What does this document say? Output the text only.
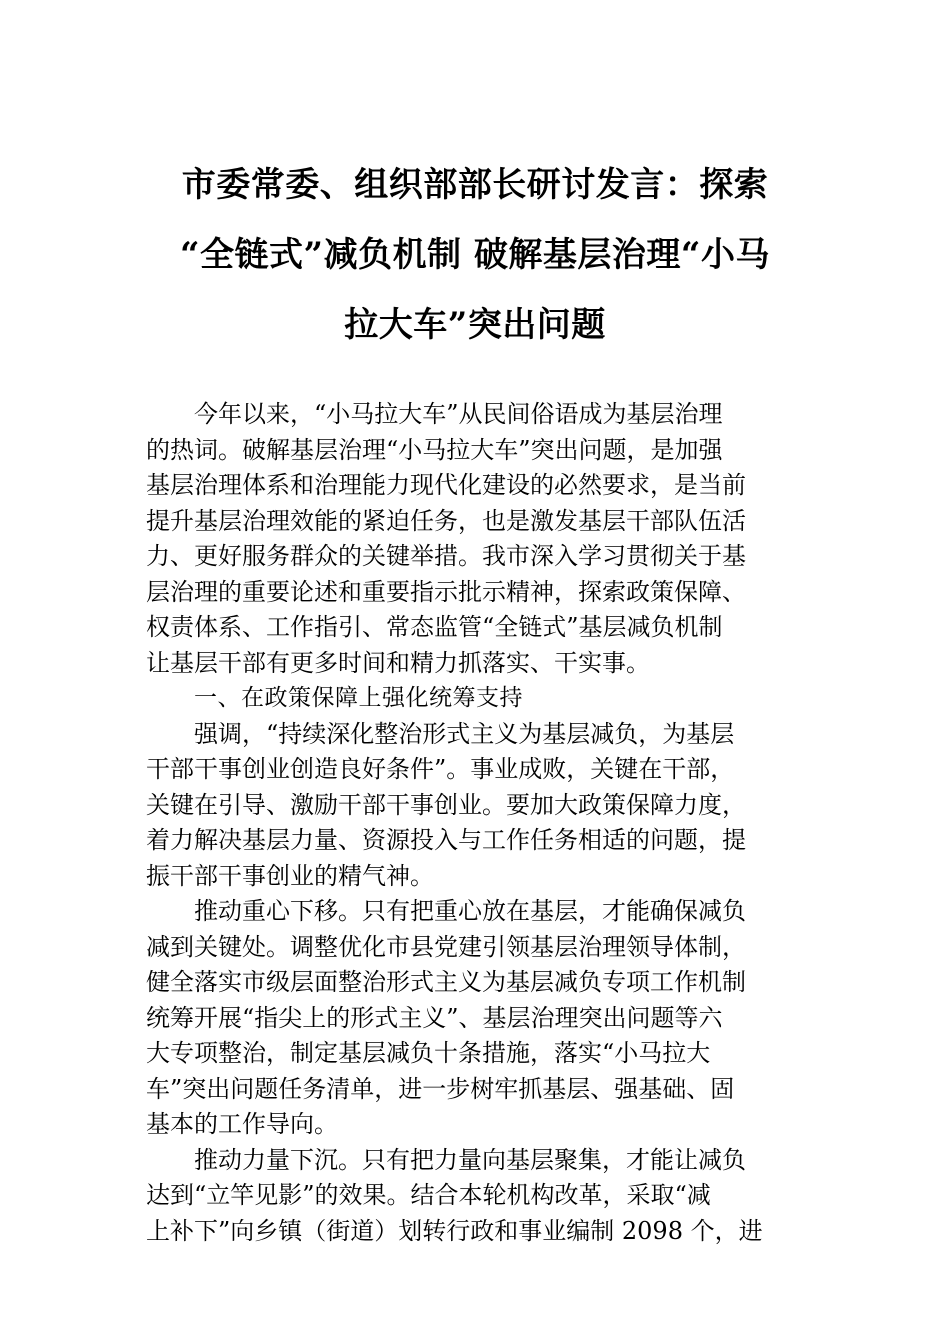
市委常委、组织部部长研讨发言：探索
“全链式”减负机制 破解基层治理“小马
拉大车”突出问题
今年以来，“小马拉大车”从民间俗语成为基层治理
的热词。破解基层治理“小马拉大车”突出问题，是加强
基层治理体系和治理能力现代化建设的必然要求，是当前
提升基层治理效能的紧迫任务，也是激发基层干部队伍活
力、更好服务群众的关键举措。我市深入学习贯彻关于基
层治理的重要论述和重要指示批示精神，探索政策保障、
权责体系、工作指引、常态监管“全链式”基层减负机制
让基层干部有更多时间和精力抓落实、干实事。
一、在政策保障上强化统筹支持
强调，“持续深化整治形式主义为基层减负，为基层
干部干事创业创造良好条件”。事业成败，关键在干部，
关键在引导、激励干部干事创业。要加大政策保障力度，
着力解决基层力量、资源投入与工作任务相适的问题，提
振干部干事创业的精气神。
推动重心下移。只有把重心放在基层，才能确保减负
减到关键处。调整优化市县党建引领基层治理领导体制，
健全落实市级层面整治形式主义为基层减负专项工作机制
统筹开展“指尖上的形式主义”、基层治理突出问题等六
大专项整治，制定基层减负十条措施，落实“小马拉大
车”突出问题任务清单，进一步树牢抓基层、强基础、固
基本的工作导向。
推动力量下沉。只有把力量向基层聚集，才能让减负
达到“立竿见影”的效果。结合本轮机构改革，采取“减
上补下”向乡镇（街道）划转行政和事业编制 2098 个，进
